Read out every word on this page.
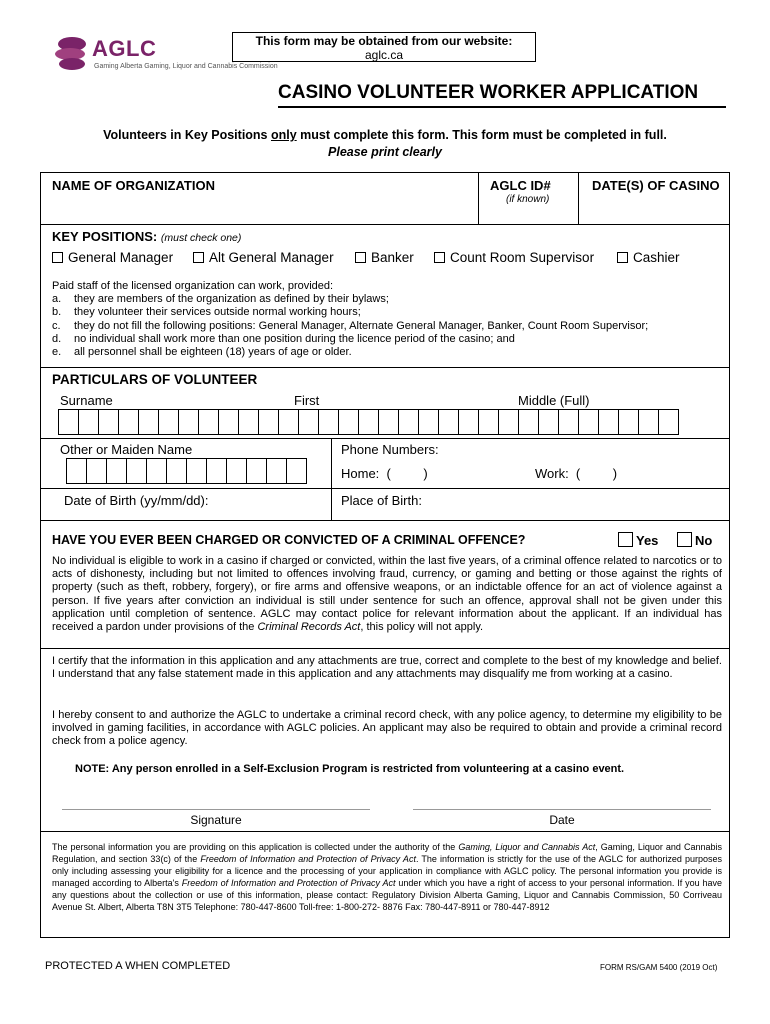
AGLC
Gaming Alberta Gaming, Liquor and Cannabis Commission
This form may be obtained from our website:
aglc.ca
CASINO VOLUNTEER WORKER APPLICATION
Volunteers in Key Positions only must complete this form. This form must be completed in full.
Please print clearly
NAME OF ORGANIZATION	AGLC ID#
(if known)
DATE(S) OF CASINO
KEY POSITIONS: (must check one)
General Manager	Alt General Manager	Banker	Count Room Supervisor	Cashier
Paid staff of the licensed organization can work, provided:
a. they are members of the organization as defined by their bylaws;
b. they volunteer their services outside normal working hours;
c. they do not fill the following positions: General Manager, Alternate General Manager, Banker, Count Room Supervisor;
d. no individual shall work more than one position during the licence period of the casino; and
e. all personnel shall be eighteen (18) years of age or older.
PARTICULARS OF VOLUNTEER
Surname	First	Middle (Full)
Other or Maiden Name	Phone Numbers:
Home:  (         )	Work:  (         )
Date of Birth (yy/mm/dd):	Place of Birth:
HAVE YOU EVER BEEN CHARGED OR CONVICTED OF A CRIMINAL OFFENCE?	Yes	No
No individual is eligible to work in a casino if charged or convicted, within the last five years, of a criminal offence related to narcotics or to acts of dishonesty, including but not limited to offences involving fraud, currency, or gaming and betting or those against the rights of property (such as theft, robbery, forgery), or fire arms and offensive weapons, or an indictable offence for an act of violence against a person. If five years after conviction an individual is still under sentence for such an offence, approval shall not be given under this application until completion of sentence. AGLC may contact police for relevant information about the applicant. If an individual has received a pardon under provisions of the Criminal Records Act, this policy will not apply.
I certify that the information in this application and any attachments are true, correct and complete to the best of my knowledge and belief. I understand that any false statement made in this application and any attachments may disqualify me from working at a casino.
I hereby consent to and authorize the AGLC to undertake a criminal record check, with any police agency, to determine my eligibility to be involved in gaming facilities, in accordance with AGLC policies. An applicant may also be required to obtain and provide a criminal record check from a police agency.
NOTE: Any person enrolled in a Self-Exclusion Program is restricted from volunteering at a casino event.
Signature	Date
The personal information you are providing on this application is collected under the authority of the Gaming, Liquor and Cannabis Act, Gaming, Liquor and Cannabis Regulation, and section 33(c) of the Freedom of Information and Protection of Privacy Act. The information is strictly for the use of the AGLC for authorized purposes only including assessing your eligibility for a licence and the processing of your application in compliance with AGLC policy. The personal information you provide is managed according to Alberta's Freedom of Information and Protection of Privacy Act under which you have a right of access to your personal information. If you have any questions about the collection or use of this information, please contact: Regulatory Division Alberta Gaming, Liquor and Cannabis Commission, 50 Corriveau Avenue St. Albert, Alberta T8N 3T5 Telephone: 780-447-8600 Toll-free: 1-800-272- 8876 Fax: 780-447-8911 or 780-447-8912
PROTECTED A WHEN COMPLETED	FORM RS/GAM 5400 (2019 Oct)
